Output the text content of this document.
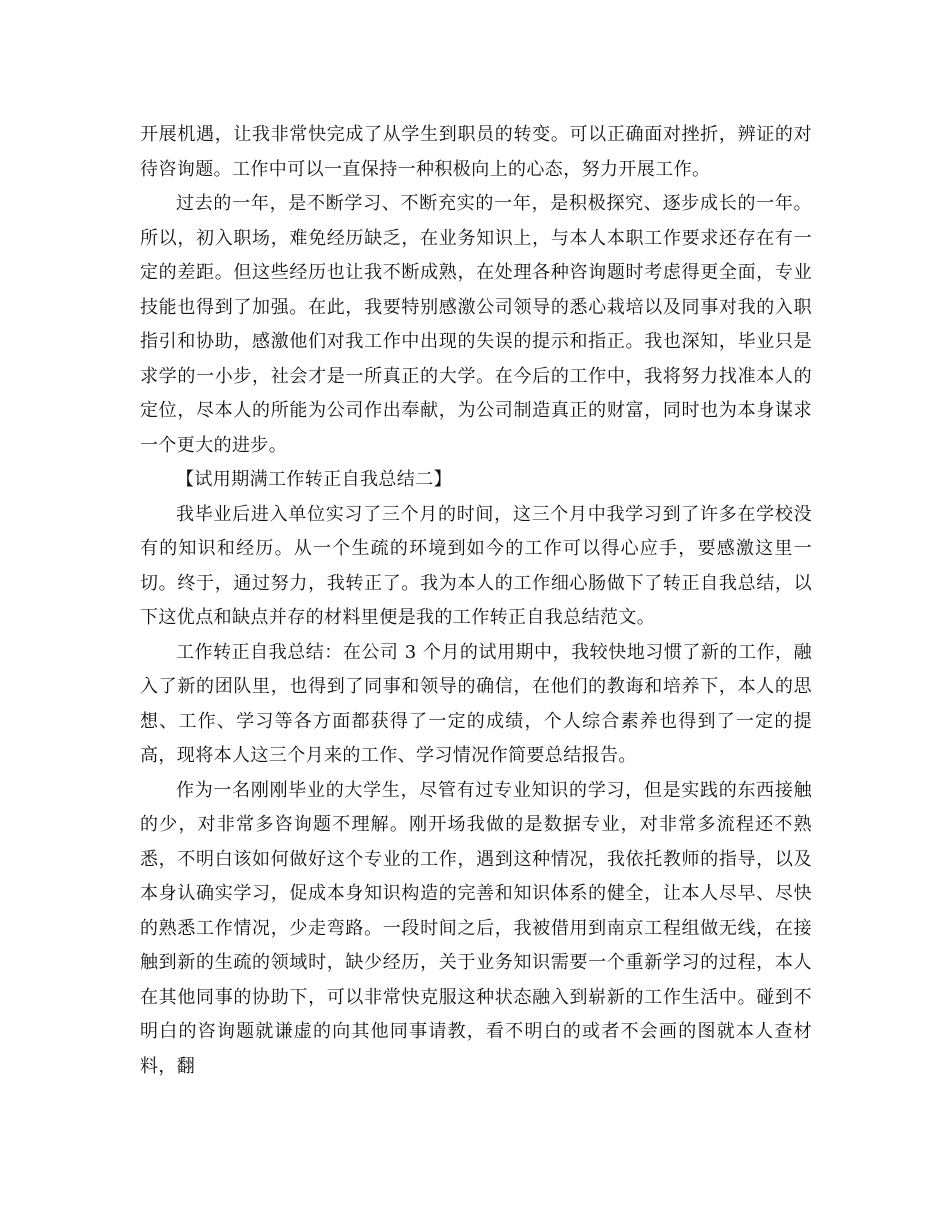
开展机遇，让我非常快完成了从学生到职员的转变。可以正确面对挫折，辨证的对待咨询题。工作中可以一直保持一种积极向上的心态，努力开展工作。

过去的一年，是不断学习、不断充实的一年，是积极探究、逐步成长的一年。所以，初入职场，难免经历缺乏，在业务知识上，与本人本职工作要求还存在有一定的差距。但这些经历也让我不断成熟，在处理各种咨询题时考虑得更全面，专业技能也得到了加强。在此，我要特别感激公司领导的悉心栽培以及同事对我的入职指引和协助，感激他们对我工作中出现的失误的提示和指正。我也深知，毕业只是求学的一小步，社会才是一所真正的大学。在今后的工作中，我将努力找准本人的定位，尽本人的所能为公司作出奉献，为公司制造真正的财富，同时也为本身谋求一个更大的进步。

【试用期满工作转正自我总结二】

我毕业后进入单位实习了三个月的时间，这三个月中我学习到了许多在学校没有的知识和经历。从一个生疏的环境到如今的工作可以得心应手，要感激这里一切。终于，通过努力，我转正了。我为本人的工作细心肠做下了转正自我总结，以下这优点和缺点并存的材料里便是我的工作转正自我总结范文。

工作转正自我总结：在公司 3 个月的试用期中，我较快地习惯了新的工作，融入了新的团队里，也得到了同事和领导的确信，在他们的教诲和培养下，本人的思想、工作、学习等各方面都获得了一定的成绩，个人综合素养也得到了一定的提高，现将本人这三个月来的工作、学习情况作简要总结报告。

作为一名刚刚毕业的大学生，尽管有过专业知识的学习，但是实践的东西接触的少，对非常多咨询题不理解。刚开场我做的是数据专业，对非常多流程还不熟悉，不明白该如何做好这个专业的工作，遇到这种情况，我依托教师的指导，以及本身认确实学习，促成本身知识构造的完善和知识体系的健全，让本人尽早、尽快的熟悉工作情况，少走弯路。一段时间之后，我被借用到南京工程组做无线，在接触到新的生疏的领域时，缺少经历，关于业务知识需要一个重新学习的过程，本人在其他同事的协助下，可以非常快克服这种状态融入到崭新的工作生活中。碰到不明白的咨询题就谦虚的向其他同事请教，看不明白的或者不会画的图就本人查材料，翻
